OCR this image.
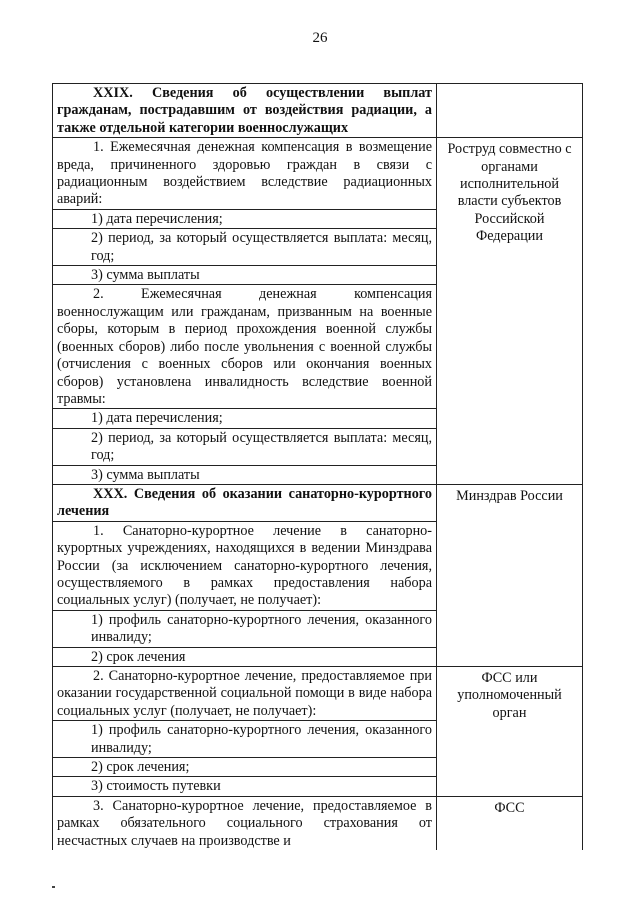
26
XXIX. Сведения об осуществлении выплат гражданам, пострадавшим от воздействия радиации, а также отдельной категории военнослужащих	
1. Ежемесячная денежная компенсация в возмещение вреда, причиненного здоровью граждан в связи с радиационным воздействием вследствие радиационных аварий:	Роструд совместно с органами исполнительной власти субъектов Российской Федерации
1) дата перечисления;	
2) период, за который осуществляется выплата: месяц, год;	
3) сумма выплаты	
2. Ежемесячная денежная компенсация военнослужащим или гражданам, призванным на военные сборы, которым в период прохождения военной службы (военных сборов) либо после увольнения с военной службы (отчисления с военных сборов или окончания военных сборов) установлена инвалидность вследствие военной травмы:	
1) дата перечисления;	
2) период, за который осуществляется выплата: месяц, год;	
3) сумма выплаты	
XXX. Сведения об оказании санаторно-курортного лечения	Минздрав России
1. Санаторно-курортное лечение в санаторно-курортных учреждениях, находящихся в ведении Минздрава России (за исключением санаторно-курортного лечения, осуществляемого в рамках предоставления набора социальных услуг) (получает, не получает):	
1) профиль санаторно-курортного лечения, оказанного инвалиду;	
2) срок лечения	
2. Санаторно-курортное лечение, предоставляемое при оказании государственной социальной помощи в виде набора социальных услуг (получает, не получает):	ФСС или уполномоченный орган
1) профиль санаторно-курортного лечения, оказанного инвалиду;	
2) срок лечения;	
3) стоимость путевки	
3. Санаторно-курортное лечение, предоставляемое в рамках обязательного социального страхования от несчастных случаев на производстве и	ФСС
